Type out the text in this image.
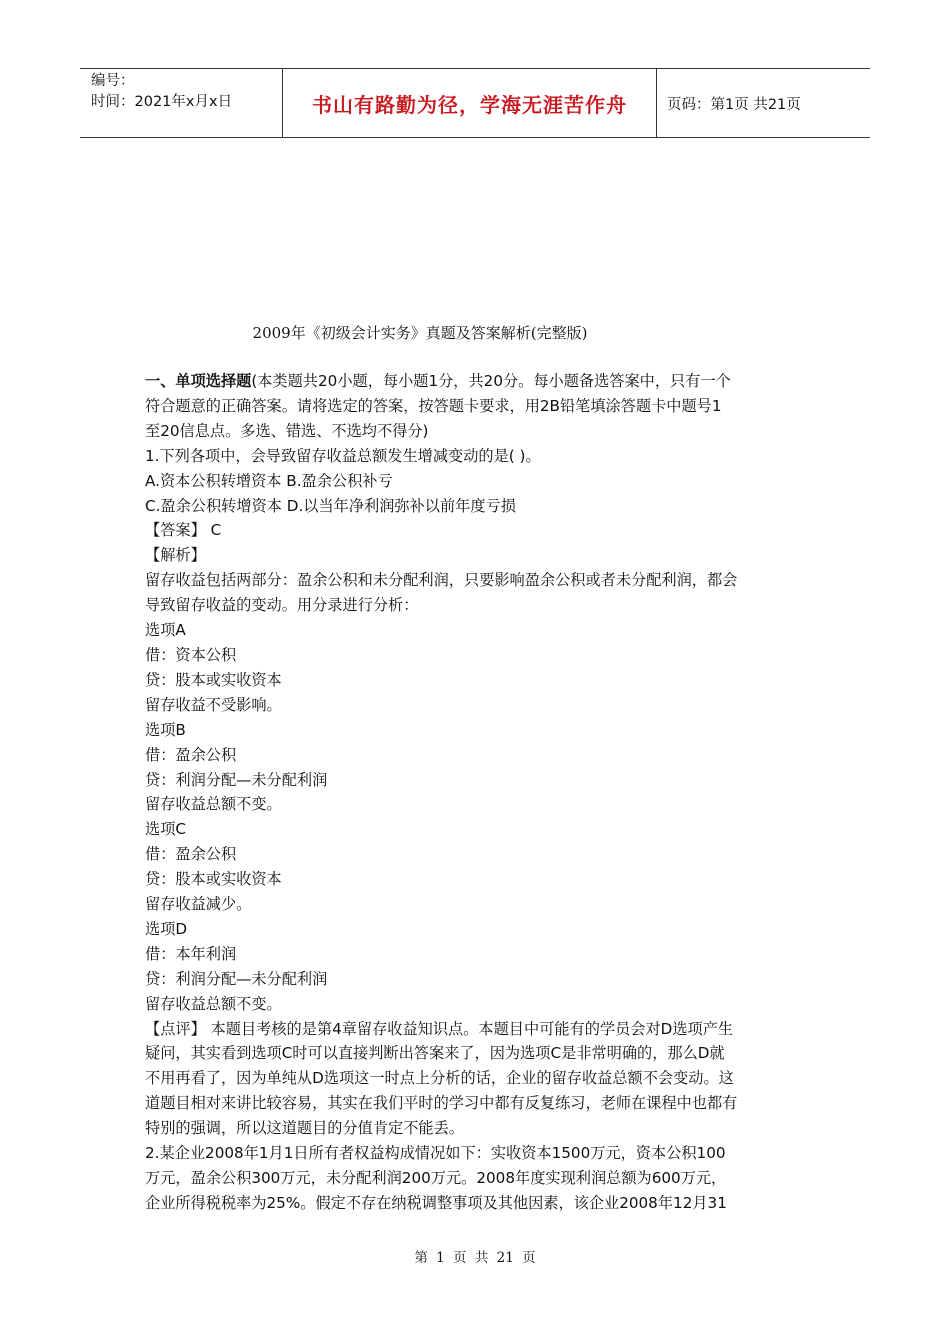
编号：
时间：2021年x月x日	书山有路勤为径，学海无涯苦作舟	页码：第1页 共21页
2009年《初级会计实务》真题及答案解析(完整版)

一、单项选择题(本类题共20小题，每小题1分，共20分。每小题备选答案中，只有一个

符合题意的正确答案。请将选定的答案，按答题卡要求，用2B铅笔填涂答题卡中题号1

至20信息点。多选、错选、不选均不得分)

1.下列各项中，会导致留存收益总额发生增减变动的是( )。

A.资本公积转增资本 B.盈余公积补亏

C.盈余公积转增资本 D.以当年净利润弥补以前年度亏损

【答案】 C

【解析】

留存收益包括两部分：盈余公积和未分配利润，只要影响盈余公积或者未分配利润，都会

导致留存收益的变动。用分录进行分析：

选项A

借：资本公积

贷：股本或实收资本

留存收益不受影响。

选项B

借：盈余公积

贷：利润分配—未分配利润

留存收益总额不变。

选项C

借：盈余公积

贷：股本或实收资本

留存收益减少。

选项D

借：本年利润

贷：利润分配—未分配利润

留存收益总额不变。

【点评】 本题目考核的是第4章留存收益知识点。本题目中可能有的学员会对D选项产生

疑问，其实看到选项C时可以直接判断出答案来了，因为选项C是非常明确的，那么D就

不用再看了，因为单纯从D选项这一时点上分析的话，企业的留存收益总额不会变动。这

道题目相对来讲比较容易，其实在我们平时的学习中都有反复练习，老师在课程中也都有

特别的强调，所以这道题目的分值肯定不能丢。

2.某企业2008年1月1日所有者权益构成情况如下：实收资本1500万元，资本公积100

万元，盈余公积300万元，未分配利润200万元。2008年度实现利润总额为600万元，

企业所得税税率为25%。假定不存在纳税调整事项及其他因素，该企业2008年12月31

第 1 页 共 21 页
